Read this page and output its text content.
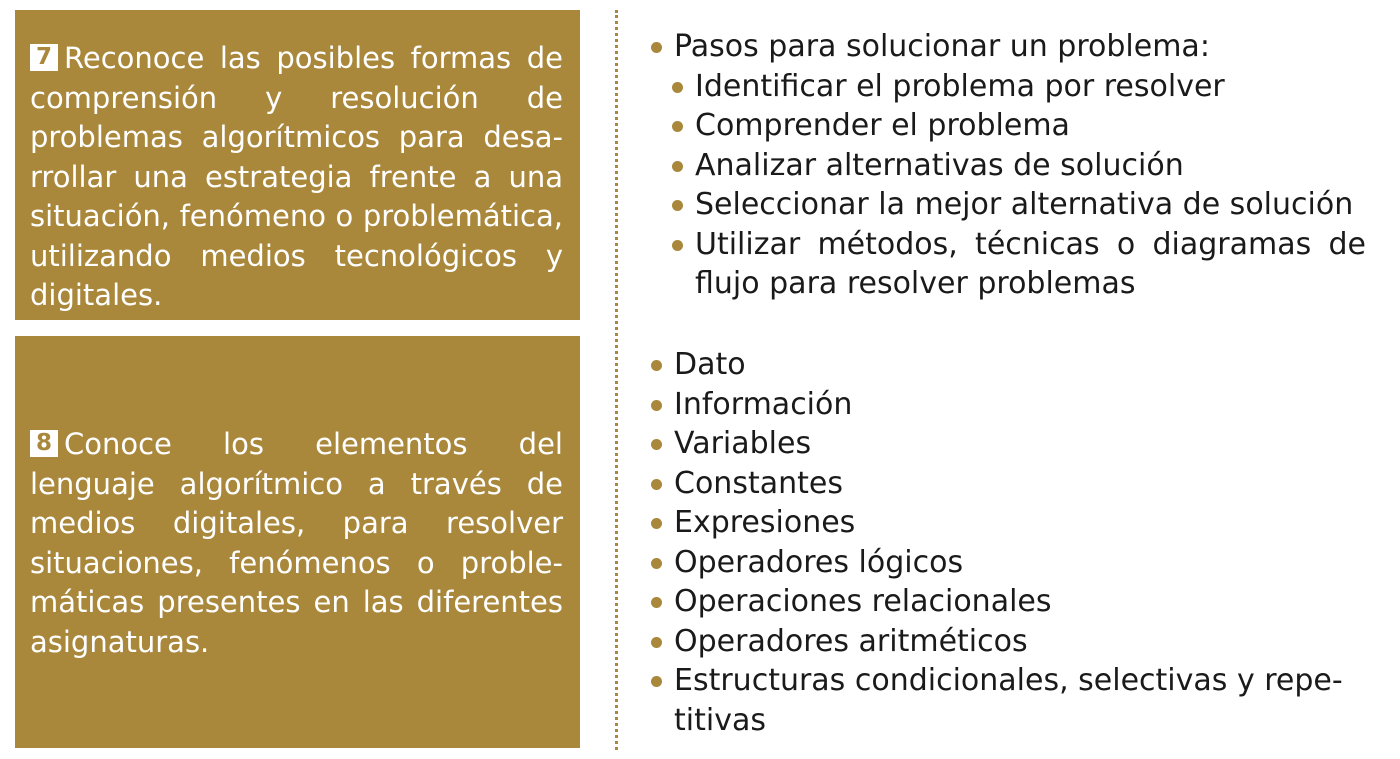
7 Reconoce las posibles formas de comprensión y resolución de problemas algorítmicos para desarrollar una estrategia frente a una situación, fenómeno o problemática, utilizando medios tecnológicos y digitales.
8 Conoce los elementos del lenguaje algorítmico a través de medios digitales, para resolver situaciones, fenómenos o problemáticas presentes en las diferentes asignaturas.
Pasos para solucionar un problema:
Identificar el problema por resolver
Comprender el problema
Analizar alternativas de solución
Seleccionar la mejor alternativa de solución
Utilizar métodos, técnicas o diagramas de flujo para resolver problemas
Dato
Información
Variables
Constantes
Expresiones
Operadores lógicos
Operaciones relacionales
Operadores aritméticos
Estructuras condicionales, selectivas y repetitivas
